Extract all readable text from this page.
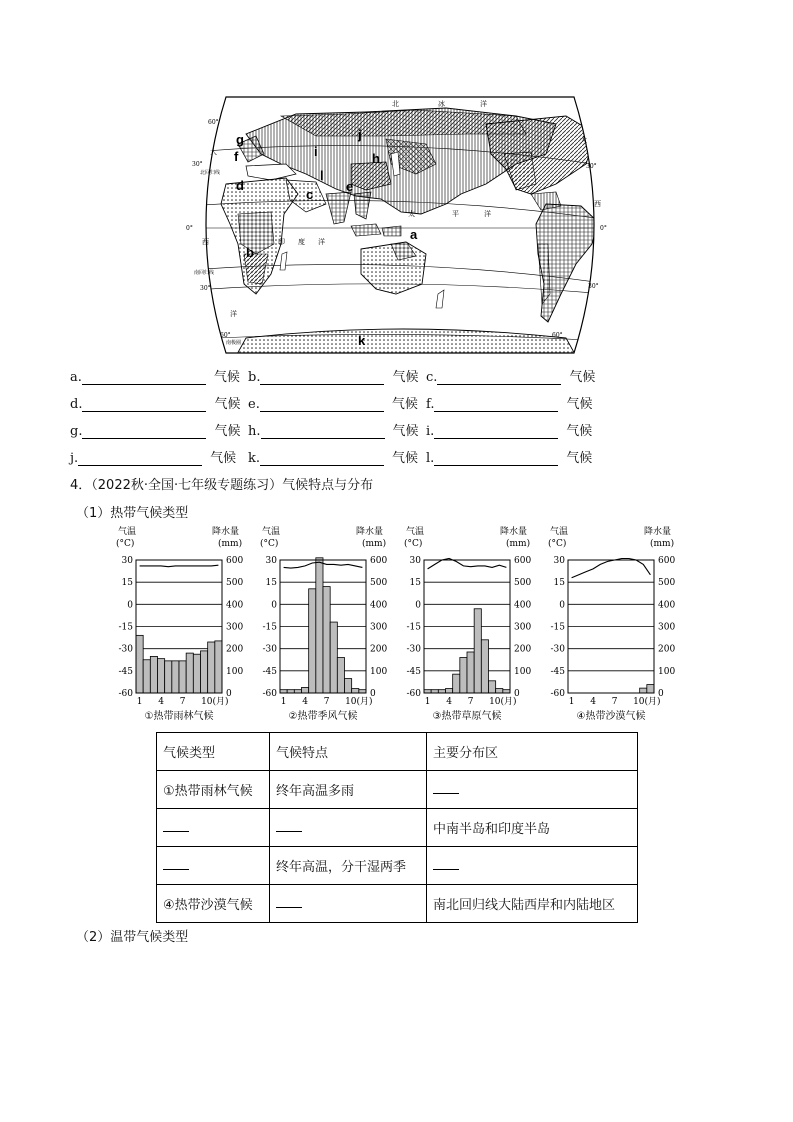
a
b
c
d	e
f
g
h
i
j
k
l
北	冰	洋
大
西	印 度 洋
太	平	洋
大
西
洋
南回归线
北回归线
南极圈
60°
30°
0°
30°
60°
30°
0°
30°
60°
a.	气候 b.	气候 c.	气候
d.	气候 e.	气候 f.	气候
g.	气候 h.	气候 i.	气候
j.	气候 k.	气候 l.	气候
4．（2022秋·全国·七年级专题练习）气候特点与分布
（1）热带气候类型
气温
(°C)
降水量
(mm)
30	600
15	500
0	400
-15	300
-30	200
-45	100
-60	0
1 4 7 10(月)
①热带雨林气候
气温
(°C)
降水量
(mm)
30	600
15	500
0	400
-15	300
-30	200
-45	100
-60	0
1 4 7 10(月)
②热带季风气候
气温
(°C)
降水量
(mm)
30	600
15	500
0	400
-15	300
-30	200
-45	100
-60	0
1 4 7 10(月)
③热带草原气候
气温
(°C)
降水量
(mm)
30	600
15	500
0	400
-15	300
-30	200
-45	100
-60	0
1 4 7 10(月)
④热带沙漠气候
气候类型	气候特点	主要分布区
①热带雨林气候	终年高温多雨	
		中南半岛和印度半岛
	终年高温，分干湿两季	
④热带沙漠气候		南北回归线大陆西岸和内陆地区
（2）温带气候类型
